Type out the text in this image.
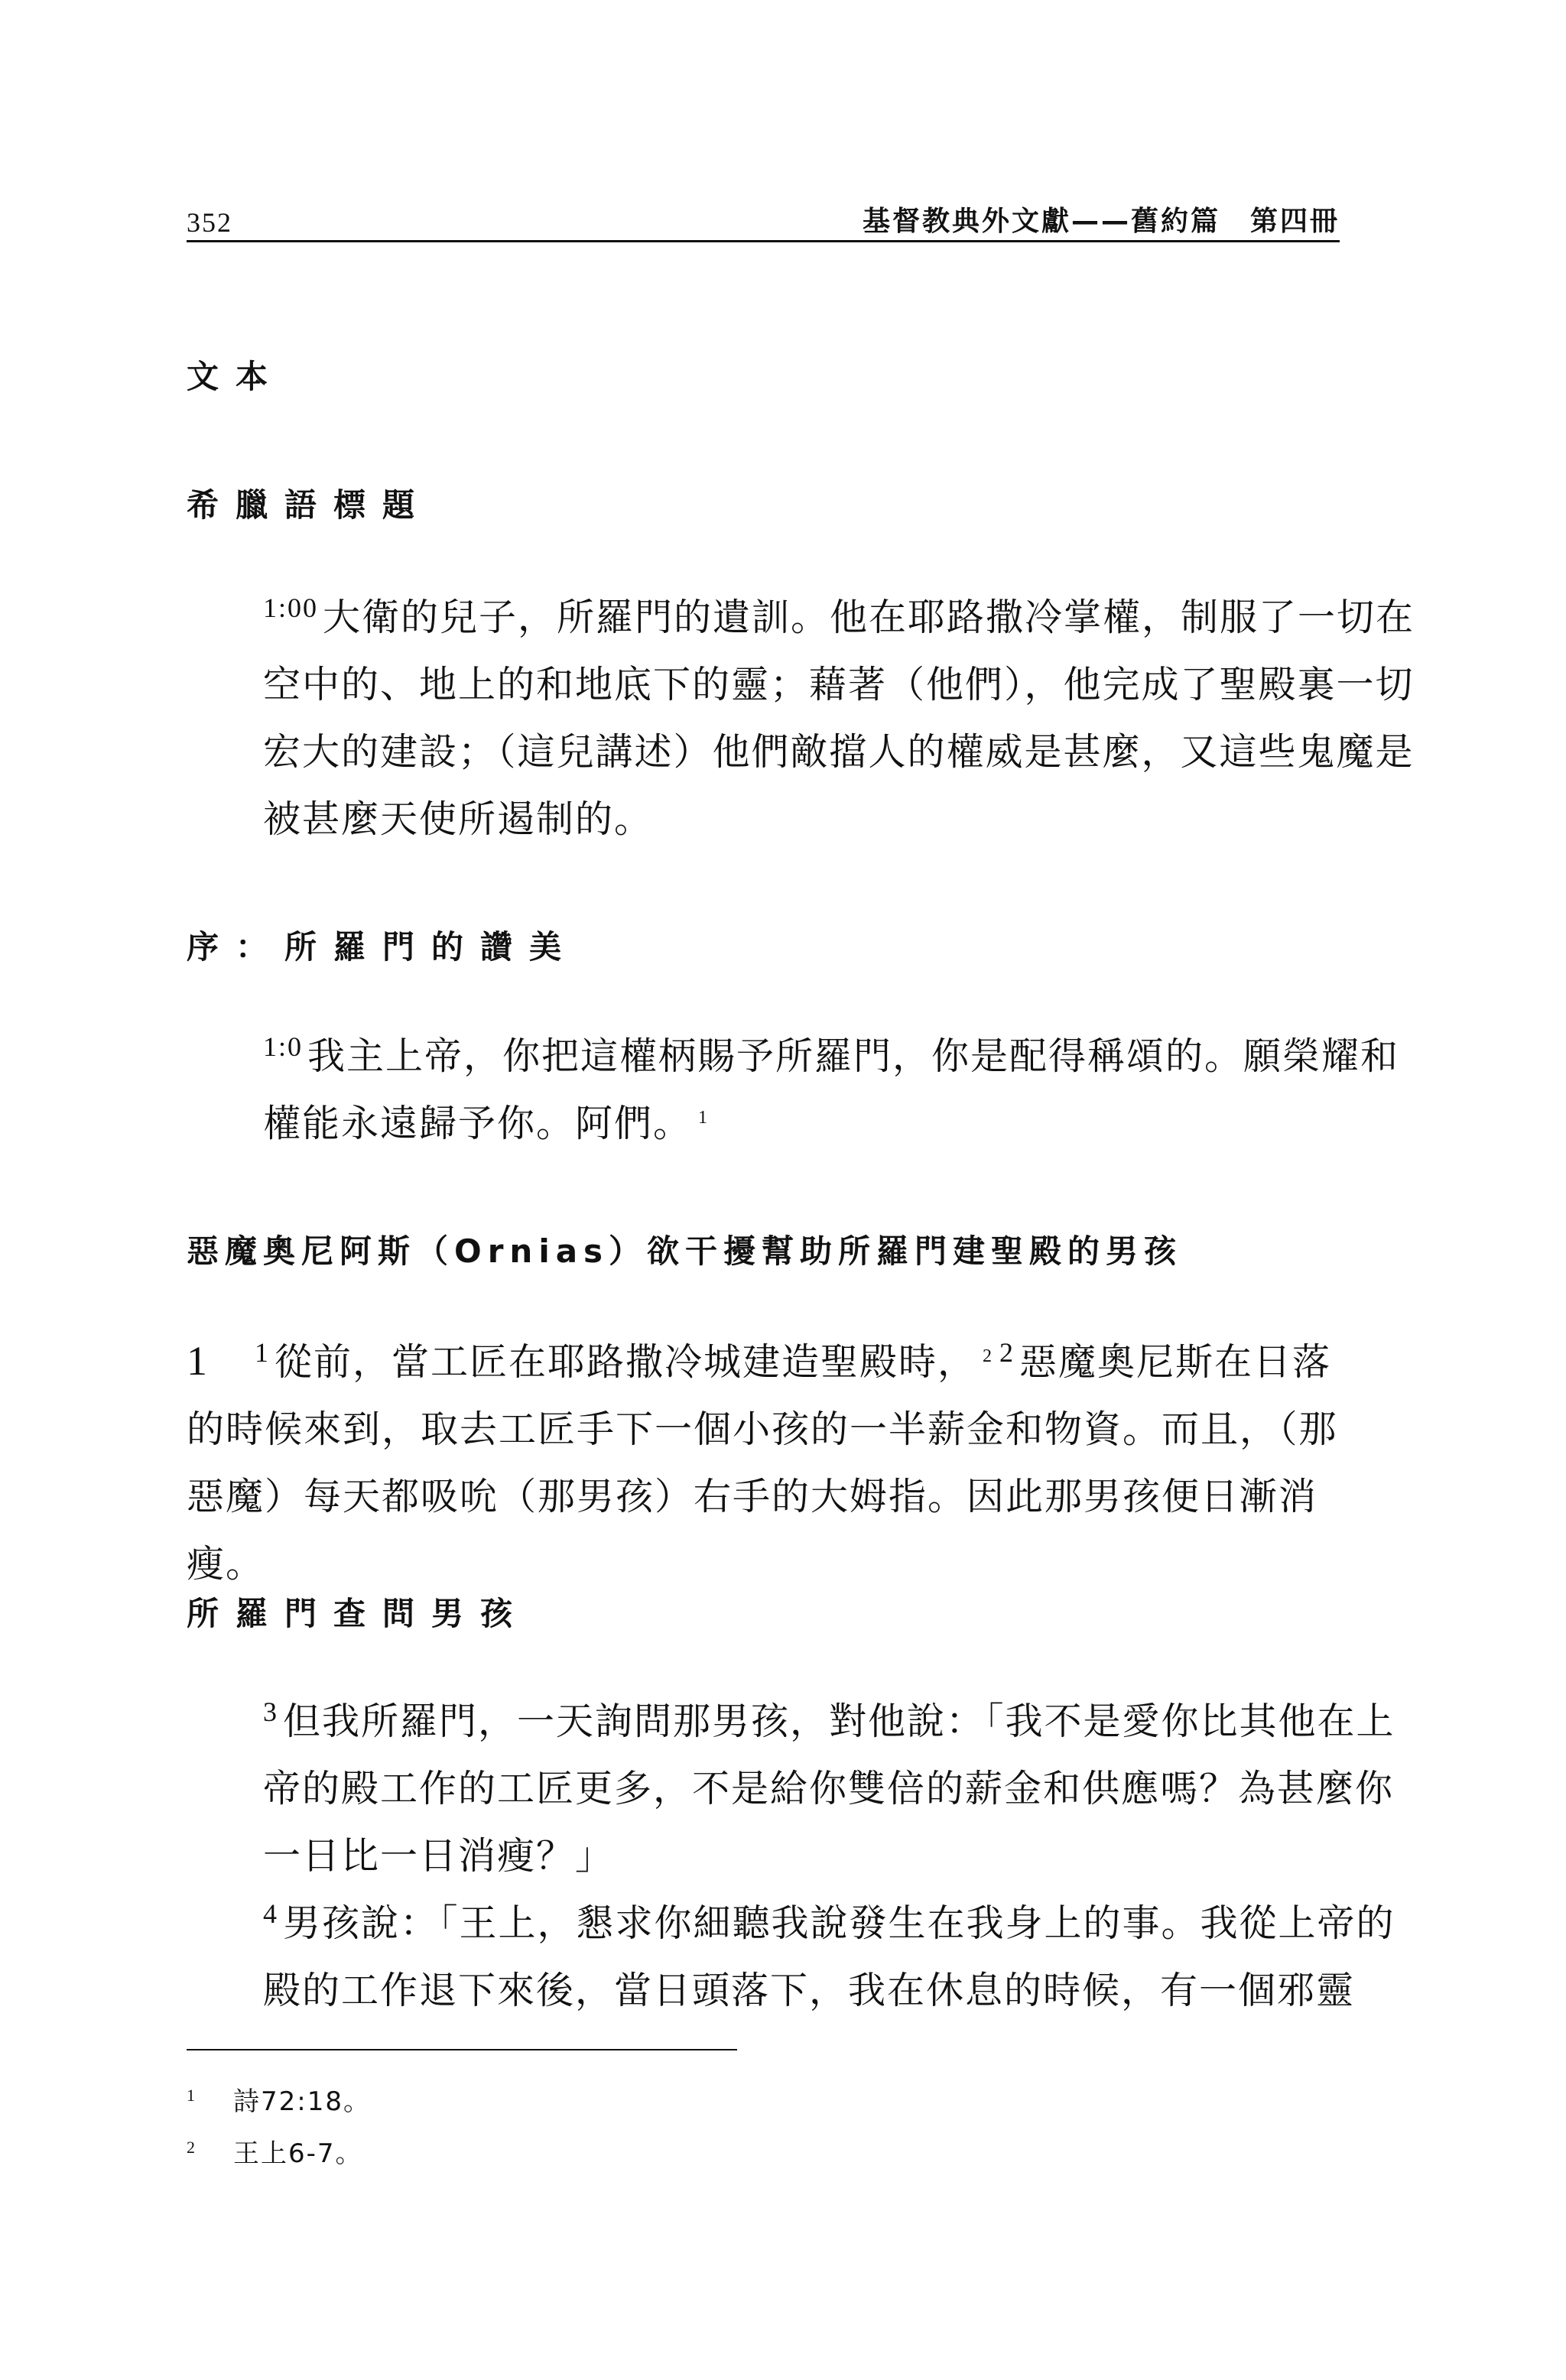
352	基督教典外文獻——舊約篇　第四冊
文本
希臘語標題
$^{1:00}$ 大衛的兒子，所羅門的遺訓。他在耶路撒冷掌權，制服了一切在空中的、地上的和地底下的靈；藉著（他們），他完成了聖殿裏一切宏大的建設；（這兒講述）他們敵擋人的權威是甚麼，又這些鬼魔是被甚麼天使所遏制的。
序：所羅門的讚美
$^{1:0}$ 我主上帝，你把這權柄賜予所羅門，你是配得稱頌的。願榮耀和權能永遠歸予你。阿們。 $^1$
惡魔奧尼阿斯（Ornias）欲干擾幫助所羅門建聖殿的男孩
1 $^1$ 從前，當工匠在耶路撒冷城建造聖殿時， $^2$ $^2$ 惡魔奧尼斯在日落的時候來到，取去工匠手下一個小孩的一半薪金和物資。而且，（那惡魔）每天都吸吮（那男孩）右手的大姆指。因此那男孩便日漸消瘦。
所羅門查問男孩
$^3$ 但我所羅門，一天詢問那男孩，對他說：「我不是愛你比其他在上帝的殿工作的工匠更多，不是給你雙倍的薪金和供應嗎？為甚麼你一日比一日消瘦？」
$^4$ 男孩說：「王上，懇求你細聽我說發生在我身上的事。我從上帝的殿的工作退下來後，當日頭落下，我在休息的時候，有一個邪靈
$^1$ 詩72:18。
$^2$ 王上6-7。
